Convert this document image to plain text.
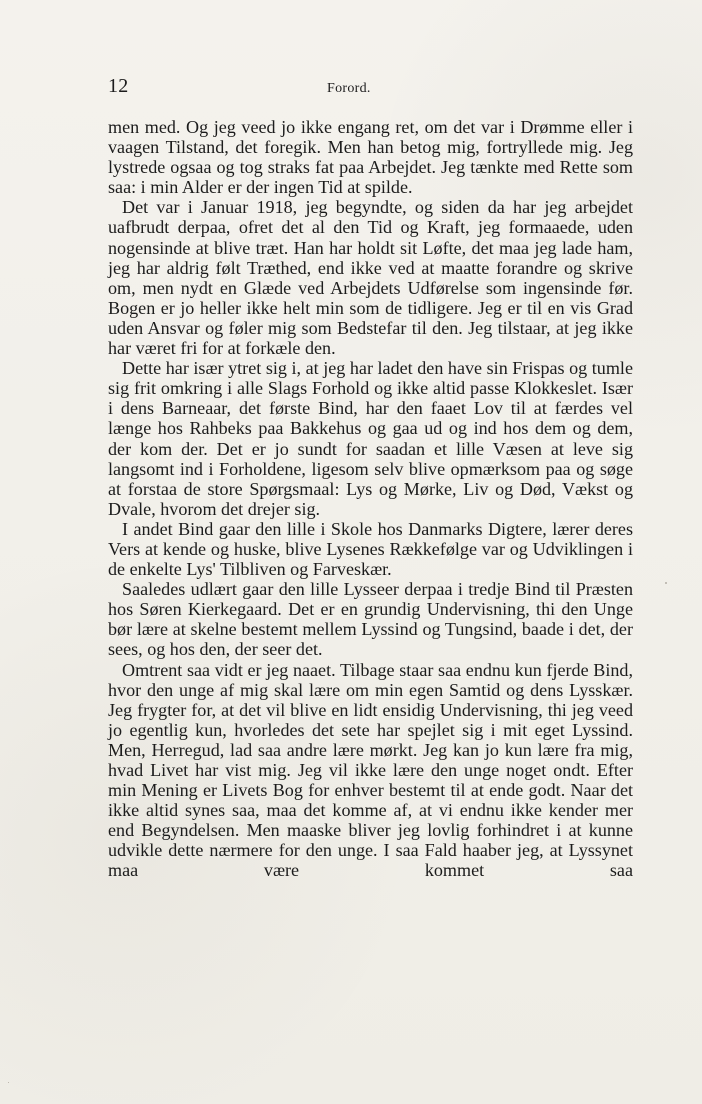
12	Forord.

men med. Og jeg veed jo ikke engang ret, om det var i Drømme eller i vaagen Tilstand, det foregik. Men han betog mig, fortryllede mig. Jeg lystrede ogsaa og tog straks fat paa Arbejdet. Jeg tænkte med Rette som saa: i min Alder er der ingen Tid at spilde.

Det var i Januar 1918, jeg begyndte, og siden da har jeg arbejdet uafbrudt derpaa, ofret det al den Tid og Kraft, jeg formaaede, uden nogensinde at blive træt. Han har holdt sit Løfte, det maa jeg lade ham, jeg har aldrig følt Træthed, end ikke ved at maatte forandre og skrive om, men nydt en Glæde ved Arbejdets Udførelse som ingensinde før. Bogen er jo heller ikke helt min som de tidligere. Jeg er til en vis Grad uden Ansvar og føler mig som Bedstefar til den. Jeg tilstaar, at jeg ikke har været fri for at forkæle den.

Dette har især ytret sig i, at jeg har ladet den have sin Frispas og tumle sig frit omkring i alle Slags Forhold og ikke altid passe Klokkeslet. Især i dens Barneaar, det første Bind, har den faaet Lov til at færdes vel længe hos Rahbeks paa Bakkehus og gaa ud og ind hos dem og dem, der kom der. Det er jo sundt for saadan et lille Væsen at leve sig langsomt ind i Forholdene, ligesom selv blive opmærksom paa og søge at forstaa de store Spørgsmaal: Lys og Mørke, Liv og Død, Vækst og Dvale, hvorom det drejer sig.

I andet Bind gaar den lille i Skole hos Danmarks Digtere, lærer deres Vers at kende og huske, blive Lysenes Rækkefølge var og Udviklingen i de enkelte Lys' Tilbliven og Farveskær.

Saaledes udlært gaar den lille Lysseer derpaa i tredje Bind til Præsten hos Søren Kierkegaard. Det er en grundig Undervisning, thi den Unge bør lære at skelne bestemt mellem Lyssind og Tungsind, baade i det, der sees, og hos den, der seer det.

Omtrent saa vidt er jeg naaet. Tilbage staar saa endnu kun fjerde Bind, hvor den unge af mig skal lære om min egen Samtid og dens Lysskær. Jeg frygter for, at det vil blive en lidt ensidig Undervisning, thi jeg veed jo egentlig kun, hvorledes det sete har spejlet sig i mit eget Lyssind. Men, Herregud, lad saa andre lære mørkt. Jeg kan jo kun lære fra mig, hvad Livet har vist mig. Jeg vil ikke lære den unge noget ondt. Efter min Mening er Livets Bog for enhver bestemt til at ende godt. Naar det ikke altid synes saa, maa det komme af, at vi endnu ikke kender mer end Begyndelsen. Men maaske bliver jeg lovlig forhindret i at kunne udvikle dette nærmere for den unge. I saa Fald haaber jeg, at Lyssynet maa være kommet saa
